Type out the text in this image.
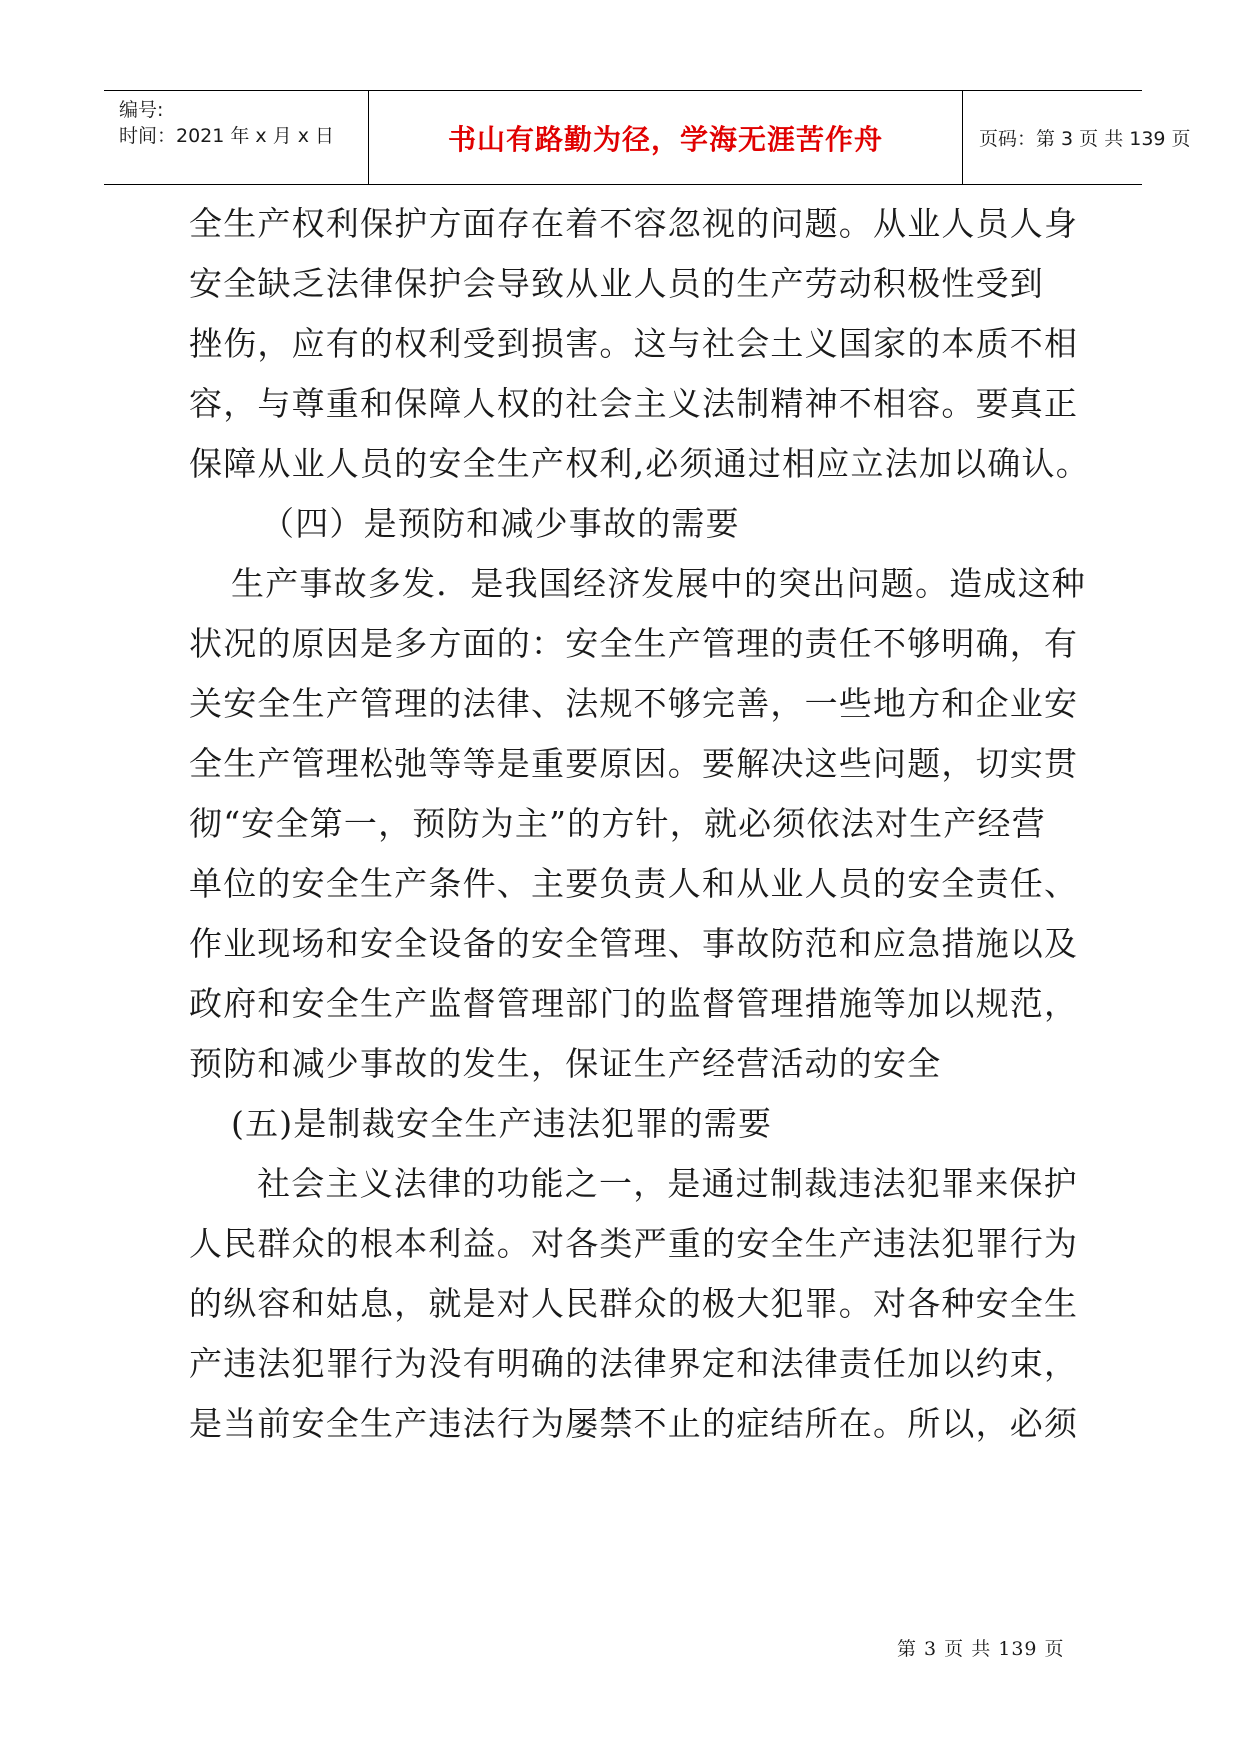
编号:
时间：2021 年 x 月 x 日	书山有路勤为径，学海无涯苦作舟	页码：第 3 页 共 139 页
全生产权利保护方面存在着不容忽视的问题。从业人员人身
安全缺乏法律保护会导致从业人员的生产劳动积极性受到
挫伤，应有的权利受到损害。这与社会土义国家的本质不相
容，与尊重和保障人权的社会主义法制精神不相容。要真正
保障从业人员的安全生产权利,必须通过相应立法加以确认。
（四）是预防和减少事故的需要
生产事故多发．是我国经济发展中的突出问题。造成这种
状况的原因是多方面的：安全生产管理的责任不够明确，有
关安全生产管理的法律、法规不够完善，一些地方和企业安
全生产管理松弛等等是重要原因。要解决这些问题，切实贯
彻“安全第一，预防为主”的方针，就必须依法对生产经营
单位的安全生产条件、主要负责人和从业人员的安全责任、
作业现场和安全设备的安全管理、事故防范和应急措施以及
政府和安全生产监督管理部门的监督管理措施等加以规范，
预防和减少事故的发生，保证生产经营活动的安全
(五)是制裁安全生产违法犯罪的需要
社会主义法律的功能之一，是通过制裁违法犯罪来保护
人民群众的根本利益。对各类严重的安全生产违法犯罪行为
的纵容和姑息，就是对人民群众的极大犯罪。对各种安全生
产违法犯罪行为没有明确的法律界定和法律责任加以约束，
是当前安全生产违法行为屡禁不止的症结所在。所以，必须
第 3 页 共 139 页
